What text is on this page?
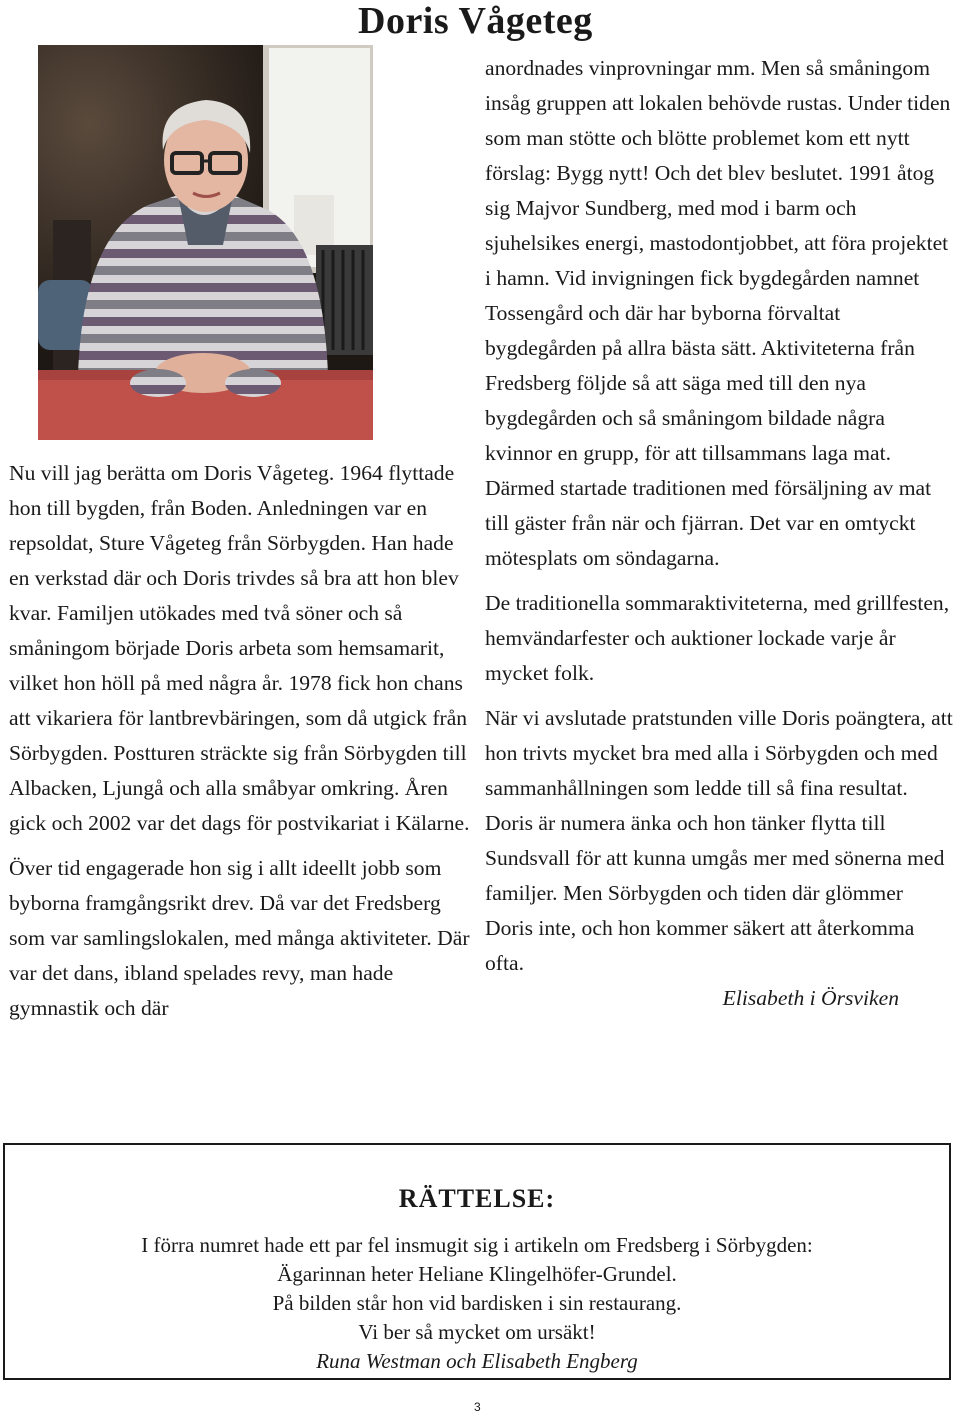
Doris Vågeteg

Nu vill jag berätta om Doris Vågeteg. 1964 flyttade hon till bygden, från Boden. Anledningen var en repsoldat, Sture Vågeteg från Sörbygden. Han hade en verkstad där och Doris trivdes så bra att hon blev kvar. Familjen utökades med två söner och så småningom började Doris arbeta som hemsamarit, vilket hon höll på med några år. 1978 fick hon chans att vikariera för lantbrevbäringen, som då utgick från Sörbygden. Postturen sträckte sig från Sörbygden till Albacken, Ljungå och alla småbyar omkring. Åren gick och 2002 var det dags för postvikariat i Kälarne.

Över tid engagerade hon sig i allt ideellt jobb som byborna framgångsrikt drev. Då var det Fredsberg som var samlingslokalen, med många aktiviteter. Där var det dans, ibland spelades revy, man hade gymnastik och där

anordnades vinprovningar mm. Men så småningom insåg gruppen att lokalen behövde rustas. Under tiden som man stötte och blötte problemet kom ett nytt förslag: Bygg nytt! Och det blev beslutet. 1991 åtog sig Majvor Sundberg, med mod i barm och sjuhelsikes energi, mastodontjobbet, att föra projektet i hamn. Vid invigningen fick bygdegården namnet Tossengård och där har byborna förvaltat bygdegården på allra bästa sätt. Aktiviteterna från Fredsberg följde så att säga med till den nya bygdegården och så småningom bildade några kvinnor en grupp, för att tillsammans laga mat. Därmed startade traditionen med försäljning av mat till gäster från när och fjärran. Det var en omtyckt mötesplats om söndagarna.

De traditionella sommaraktiviteterna, med grillfesten, hemvändarfester och auktioner lockade varje år mycket folk.

När vi avslutade pratstunden ville Doris poängtera, att hon trivts mycket bra med alla i Sörbygden och med sammanhållningen som ledde till så fina resultat. Doris är numera änka och hon tänker flytta till Sundsvall för att kunna umgås mer med sönerna med familjer. Men Sörbygden och tiden där glömmer Doris inte, och hon kommer säkert att återkomma ofta.

Elisabeth i Örsviken

RÄTTELSE:
I förra numret hade ett par fel insmugit sig i artikeln om Fredsberg i Sörbygden:
Ägarinnan heter Heliane Klingelhöfer-Grundel.
På bilden står hon vid bardisken i sin restaurang.
Vi ber så mycket om ursäkt!
Runa Westman och Elisabeth Engberg
3
